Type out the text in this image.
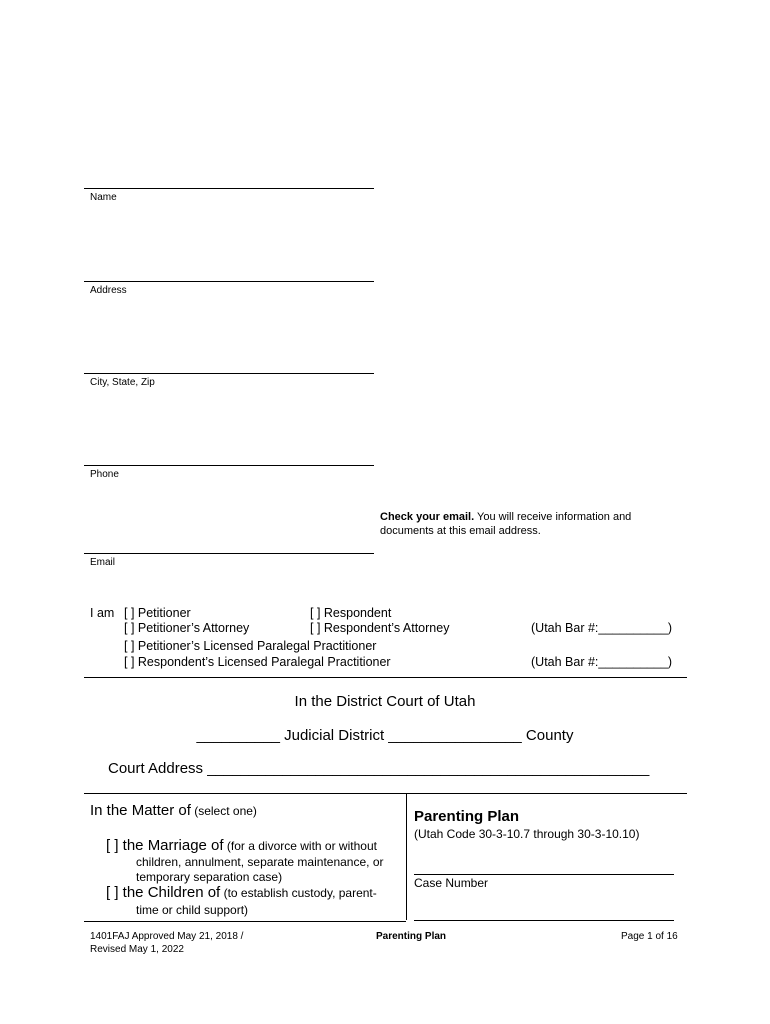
Name
Address
City, State, Zip
Phone
Email
Check your email. You will receive information and
documents at this email address.
I am [ ] Petitioner	[ ] Respondent
[ ] Petitioner’s Attorney	[ ] Respondent’s Attorney	(Utah Bar #:__________)
[ ] Petitioner’s Licensed Paralegal Practitioner
[ ] Respondent’s Licensed Paralegal Practitioner	(Utah Bar #:__________)
In the District Court of Utah
__________ Judicial District ________________ County
Court Address _____________________________________________________
In the Matter of (select one)
[ ] the Marriage of (for a divorce with or without
children, annulment, separate maintenance, or
temporary separation case)
[ ] the Children of (to establish custody, parent-
time or child support)
Parenting Plan
(Utah Code 30-3-10.7 through 30-3-10.10)
Case Number
1401FAJ Approved May 21, 2018 /
Revised May 1, 2022
Parenting Plan	Page 1 of 16
